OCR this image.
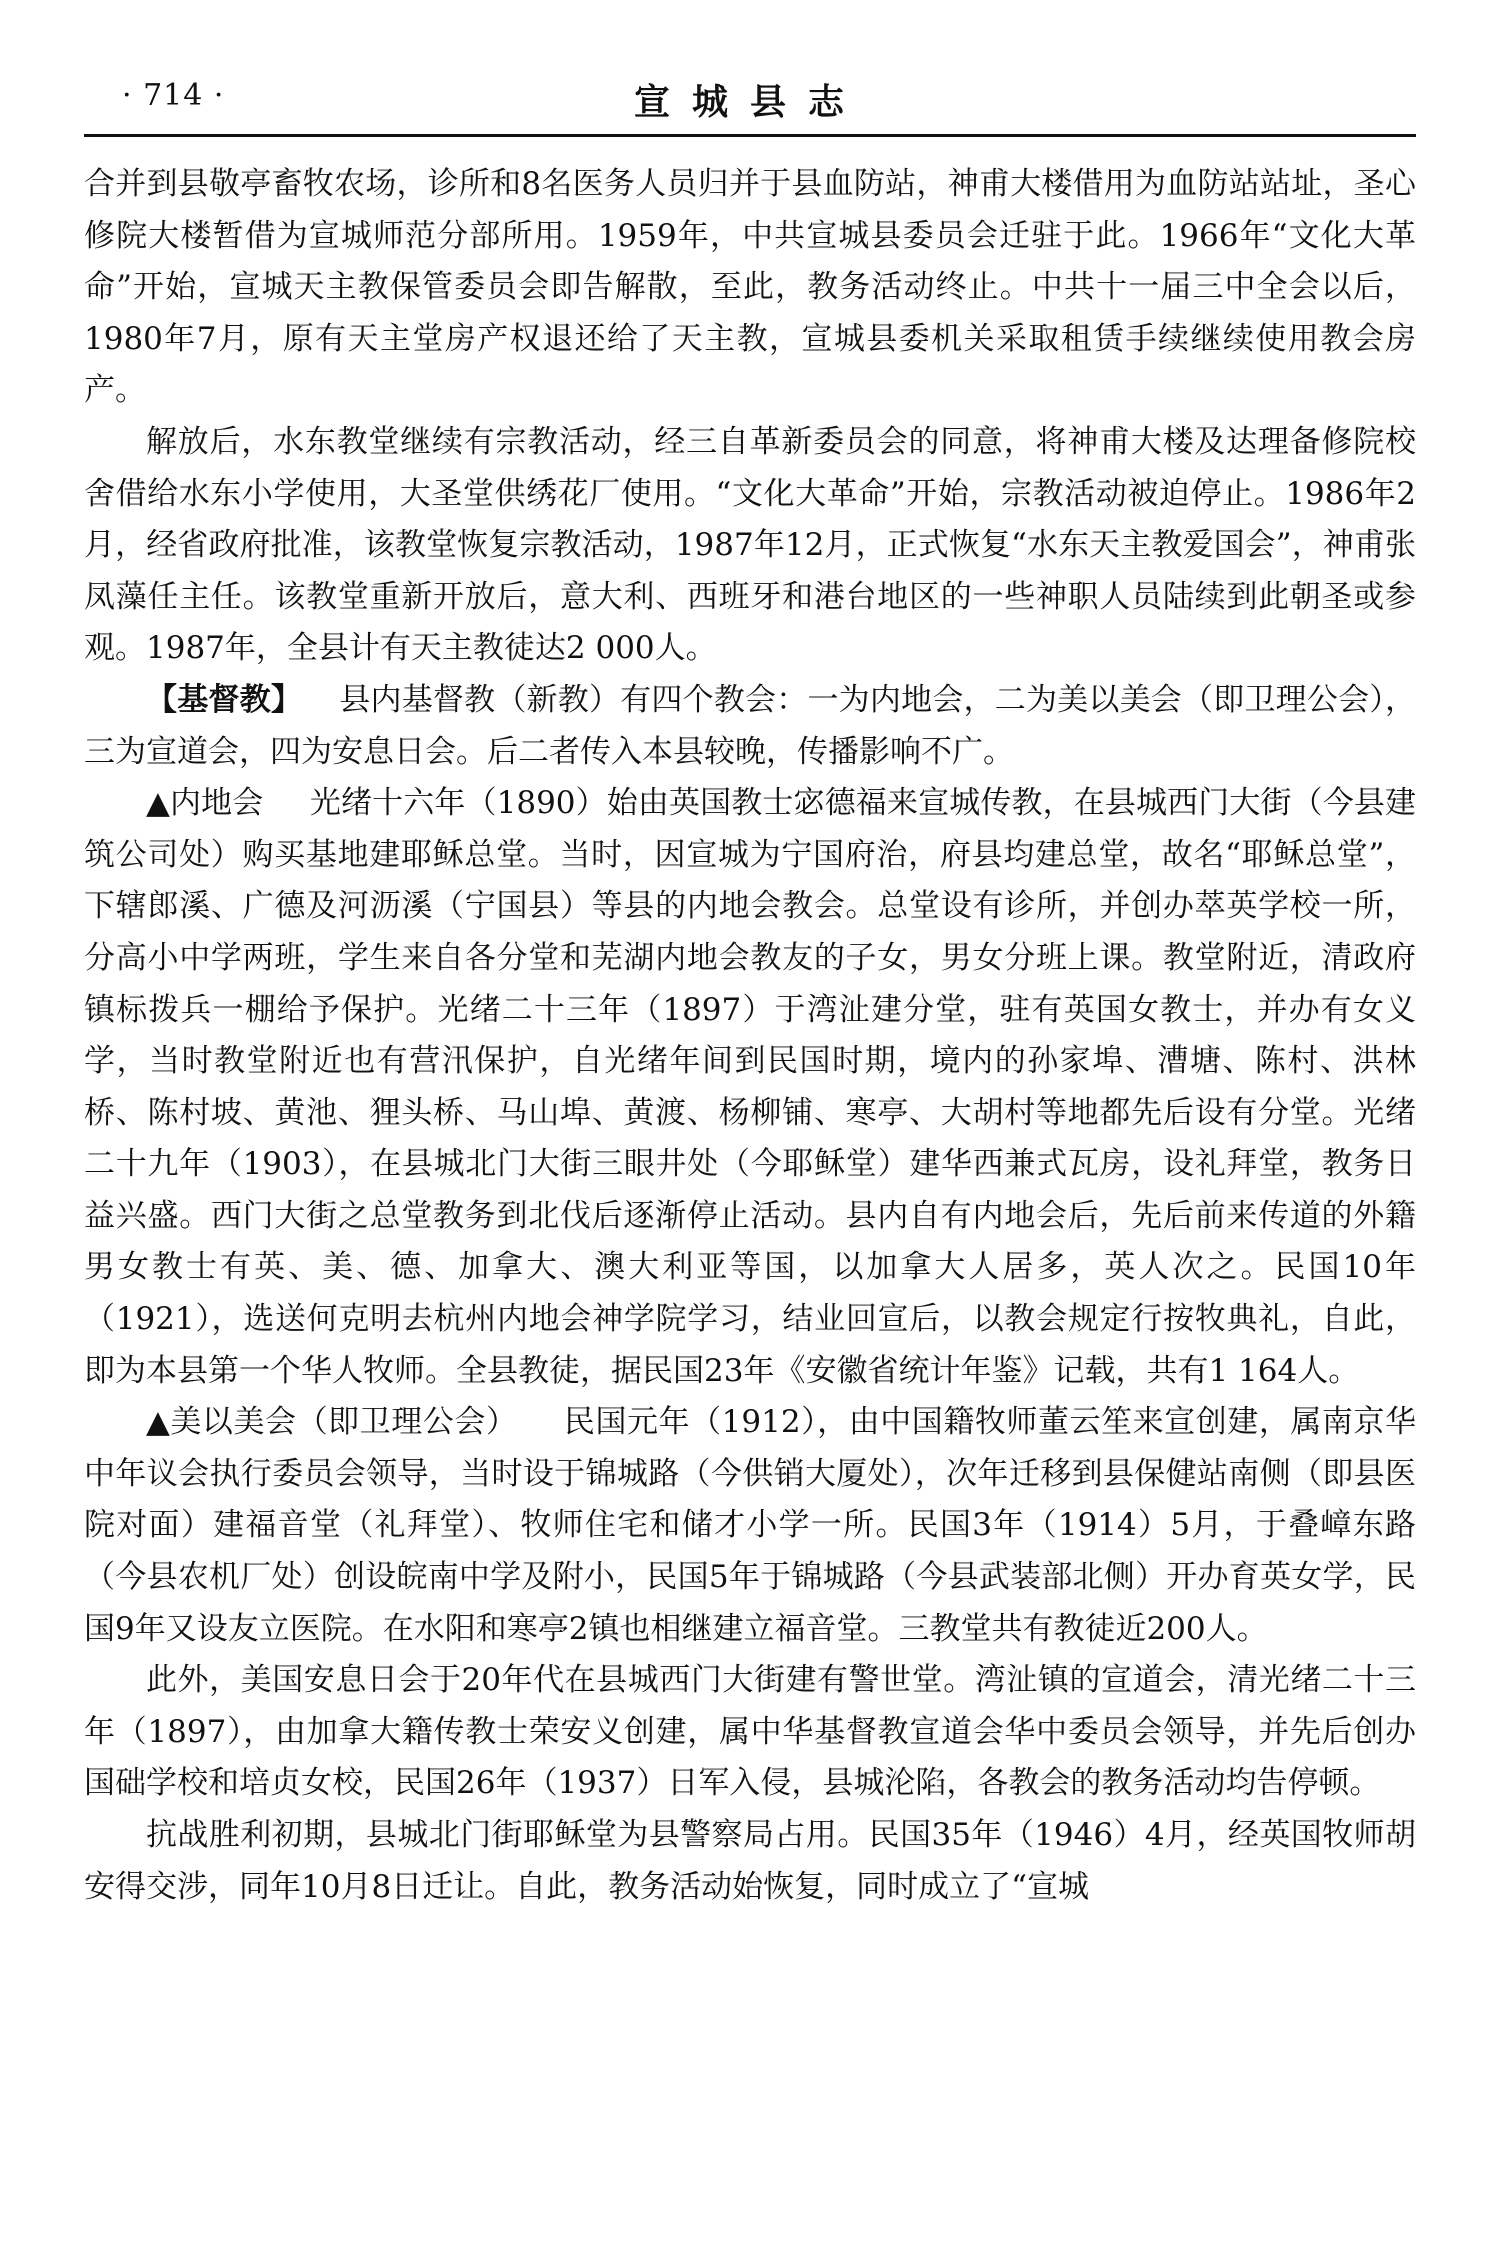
· 714 ·	宣城县志

合并到县敬亭畜牧农场，诊所和8名医务人员归并于县血防站，神甫大楼借用为血防站站址，圣心修院大楼暂借为宣城师范分部所用。1959年，中共宣城县委员会迁驻于此。1966年“文化大革命”开始，宣城天主教保管委员会即告解散，至此，教务活动终止。中共十一届三中全会以后，1980年7月，原有天主堂房产权退还给了天主教，宣城县委机关采取租赁手续继续使用教会房产。

解放后，水东教堂继续有宗教活动，经三自革新委员会的同意，将神甫大楼及达理备修院校舍借给水东小学使用，大圣堂供绣花厂使用。“文化大革命”开始，宗教活动被迫停止。1986年2月，经省政府批准，该教堂恢复宗教活动，1987年12月，正式恢复“水东天主教爱国会”，神甫张凤藻任主任。该教堂重新开放后，意大利、西班牙和港台地区的一些神职人员陆续到此朝圣或参观。1987年，全县计有天主教徒达2 000人。

【基督教】 县内基督教（新教）有四个教会：一为内地会，二为美以美会（即卫理公会），三为宣道会，四为安息日会。后二者传入本县较晚，传播影响不广。

▲内地会 光绪十六年（1890）始由英国教士宓德福来宣城传教，在县城西门大街（今县建筑公司处）购买基地建耶稣总堂。当时，因宣城为宁国府治，府县均建总堂，故名“耶稣总堂”，下辖郎溪、广德及河沥溪（宁国县）等县的内地会教会。总堂设有诊所，并创办萃英学校一所，分高小中学两班，学生来自各分堂和芜湖内地会教友的子女，男女分班上课。教堂附近，清政府镇标拨兵一棚给予保护。光绪二十三年（1897）于湾沚建分堂，驻有英国女教士，并办有女义学，当时教堂附近也有营汛保护，自光绪年间到民国时期，境内的孙家埠、漕塘、陈村、洪林桥、陈村坡、黄池、狸头桥、马山埠、黄渡、杨柳铺、寒亭、大胡村等地都先后设有分堂。光绪二十九年（1903），在县城北门大街三眼井处（今耶稣堂）建华西兼式瓦房，设礼拜堂，教务日益兴盛。西门大街之总堂教务到北伐后逐渐停止活动。县内自有内地会后，先后前来传道的外籍男女教士有英、美、德、加拿大、澳大利亚等国，以加拿大人居多，英人次之。民国10年（1921），选送何克明去杭州内地会神学院学习，结业回宣后，以教会规定行按牧典礼，自此，即为本县第一个华人牧师。全县教徒，据民国23年《安徽省统计年鉴》记载，共有1 164人。

▲美以美会（即卫理公会） 民国元年（1912），由中国籍牧师董云笙来宣创建，属南京华中年议会执行委员会领导，当时设于锦城路（今供销大厦处），次年迁移到县保健站南侧（即县医院对面）建福音堂（礼拜堂）、牧师住宅和储才小学一所。民国3年（1914）5月，于叠嶂东路（今县农机厂处）创设皖南中学及附小，民国5年于锦城路（今县武装部北侧）开办育英女学，民国9年又设友立医院。在水阳和寒亭2镇也相继建立福音堂。三教堂共有教徒近200人。

此外，美国安息日会于20年代在县城西门大街建有警世堂。湾沚镇的宣道会，清光绪二十三年（1897），由加拿大籍传教士荣安义创建，属中华基督教宣道会华中委员会领导，并先后创办国础学校和培贞女校，民国26年（1937）日军入侵，县城沦陷，各教会的教务活动均告停顿。

抗战胜利初期，县城北门街耶稣堂为县警察局占用。民国35年（1946）4月，经英国牧师胡安得交涉，同年10月8日迁让。自此，教务活动始恢复，同时成立了“宣城
